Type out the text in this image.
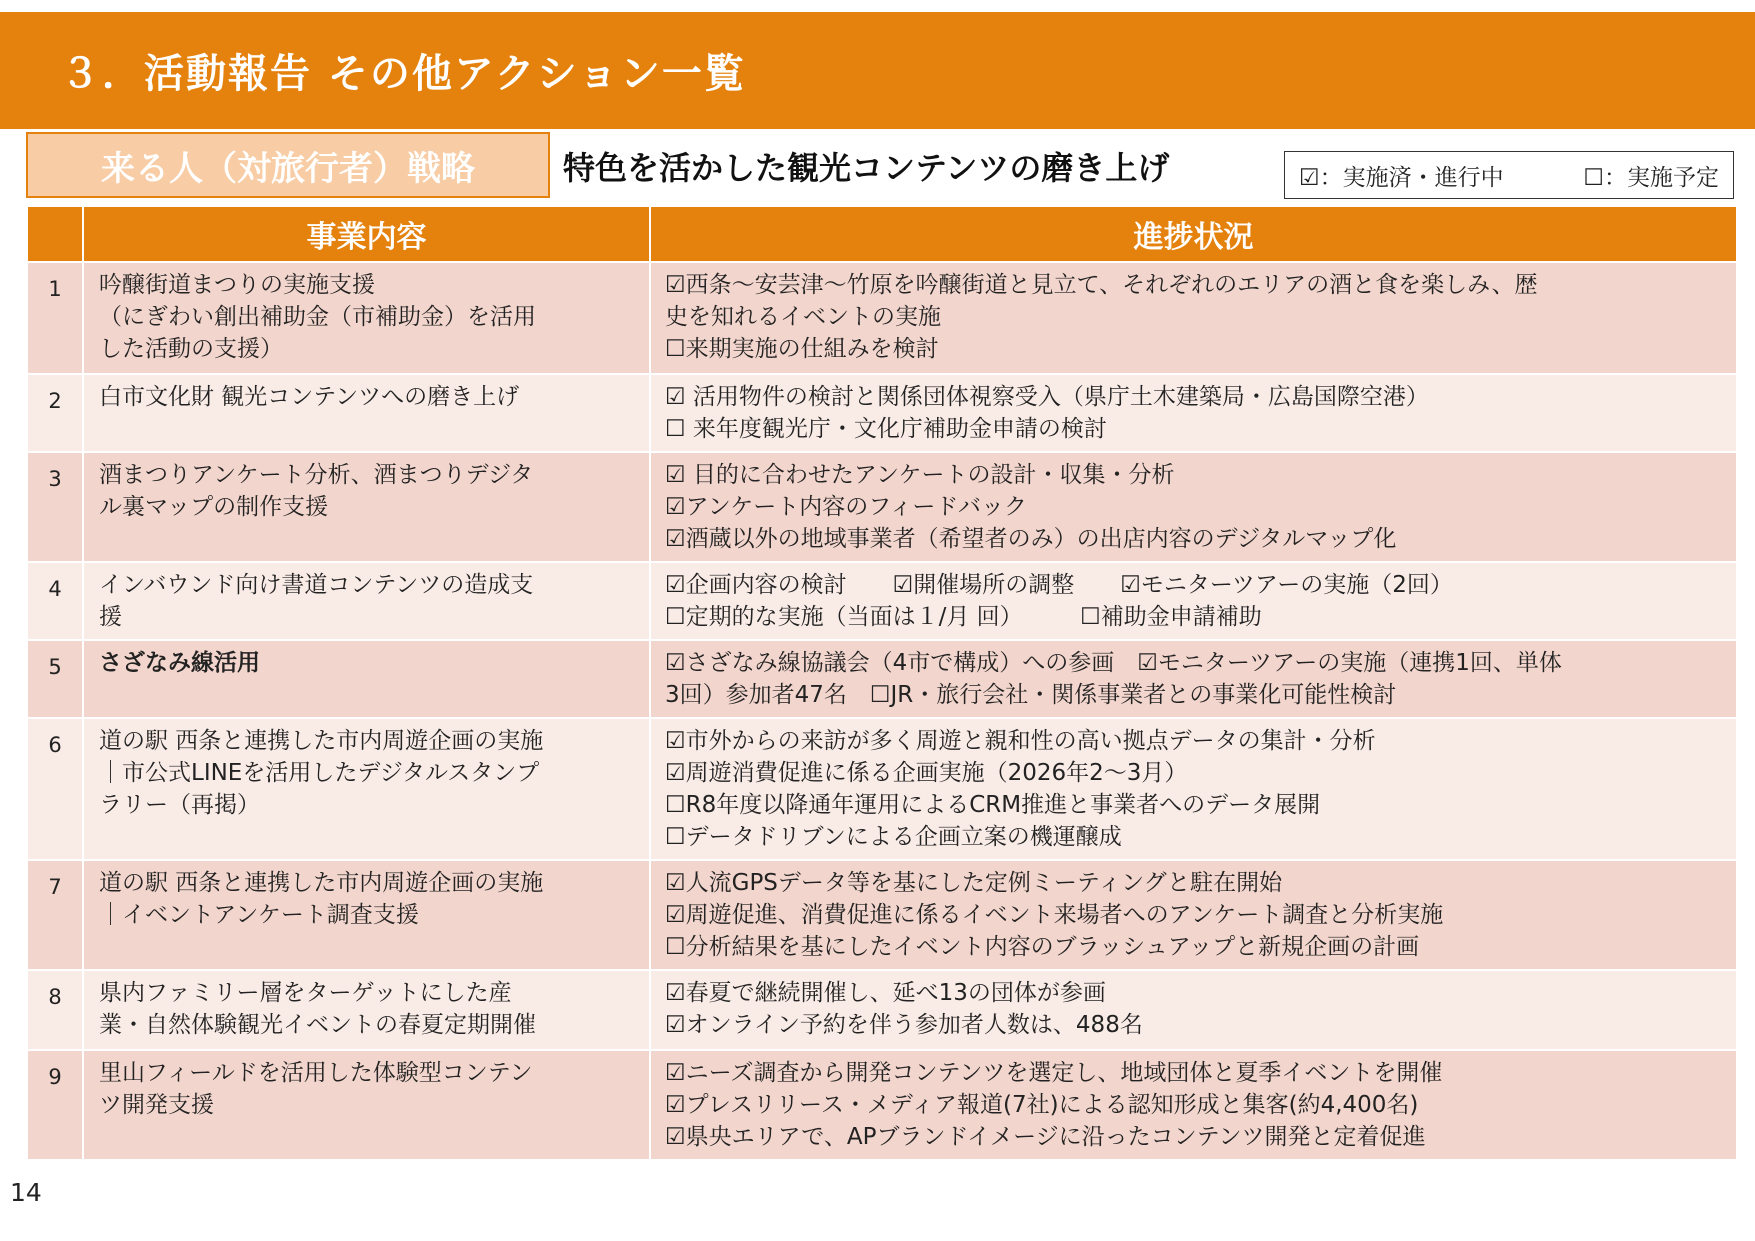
３．活動報告 その他アクション一覧
来る人（対旅行者）戦略	特色を活かした観光コンテンツの磨き上げ	☑：実施済・進行中	☐：実施予定
	事業内容	進捗状況
1	吟醸街道まつりの実施支援
（にぎわい創出補助金（市補助金）を活用
した活動の支援）	☑西条～安芸津～竹原を吟醸街道と見立て、それぞれのエリアの酒と食を楽しみ、歴
史を知れるイベントの実施
☐来期実施の仕組みを検討

2	白市文化財 観光コンテンツへの磨き上げ	☑ 活用物件の検討と関係団体視察受入（県庁土木建築局・広島国際空港）
☐ 来年度観光庁・文化庁補助金申請の検討

3	酒まつりアンケート分析、酒まつりデジタ
ル裏マップの制作支援	☑ 目的に合わせたアンケートの設計・収集・分析
☑アンケート内容のフィードバック
☑酒蔵以外の地域事業者（希望者のみ）の出店内容のデジタルマップ化

4	インバウンド向け書道コンテンツの造成支
援	☑企画内容の検討　　☑開催場所の調整　　☑モニターツアーの実施（2回）
☐定期的な実施（当面は１/月 回）　　　☐補助金申請補助

5	さざなみ線活用	☑さざなみ線協議会（4市で構成）への参画　☑モニターツアーの実施（連携1回、単体
3回）参加者47名　☐JR・旅行会社・関係事業者との事業化可能性検討

6	道の駅 西条と連携した市内周遊企画の実施
｜市公式LINEを活用したデジタルスタンプ
ラリー（再掲）	☑市外からの来訪が多く周遊と親和性の高い拠点データの集計・分析
☑周遊消費促進に係る企画実施（2026年2～3月）
☐R8年度以降通年運用によるCRM推進と事業者へのデータ展開
☐データドリブンによる企画立案の機運醸成

7	道の駅 西条と連携した市内周遊企画の実施
｜イベントアンケート調査支援	☑人流GPSデータ等を基にした定例ミーティングと駐在開始
☑周遊促進、消費促進に係るイベント来場者へのアンケート調査と分析実施
☐分析結果を基にしたイベント内容のブラッシュアップと新規企画の計画

8	県内ファミリー層をターゲットにした産
業・自然体験観光イベントの春夏定期開催	☑春夏で継続開催し、延べ13の団体が参画
☑オンライン予約を伴う参加者人数は、488名

9	里山フィールドを活用した体験型コンテン
ツ開発支援	☑ニーズ調査から開発コンテンツを選定し、地域団体と夏季イベントを開催
☑プレスリリース・メディア報道(7社)による認知形成と集客(約4,400名)
☑県央エリアで、APブランドイメージに沿ったコンテンツ開発と定着促進
14
